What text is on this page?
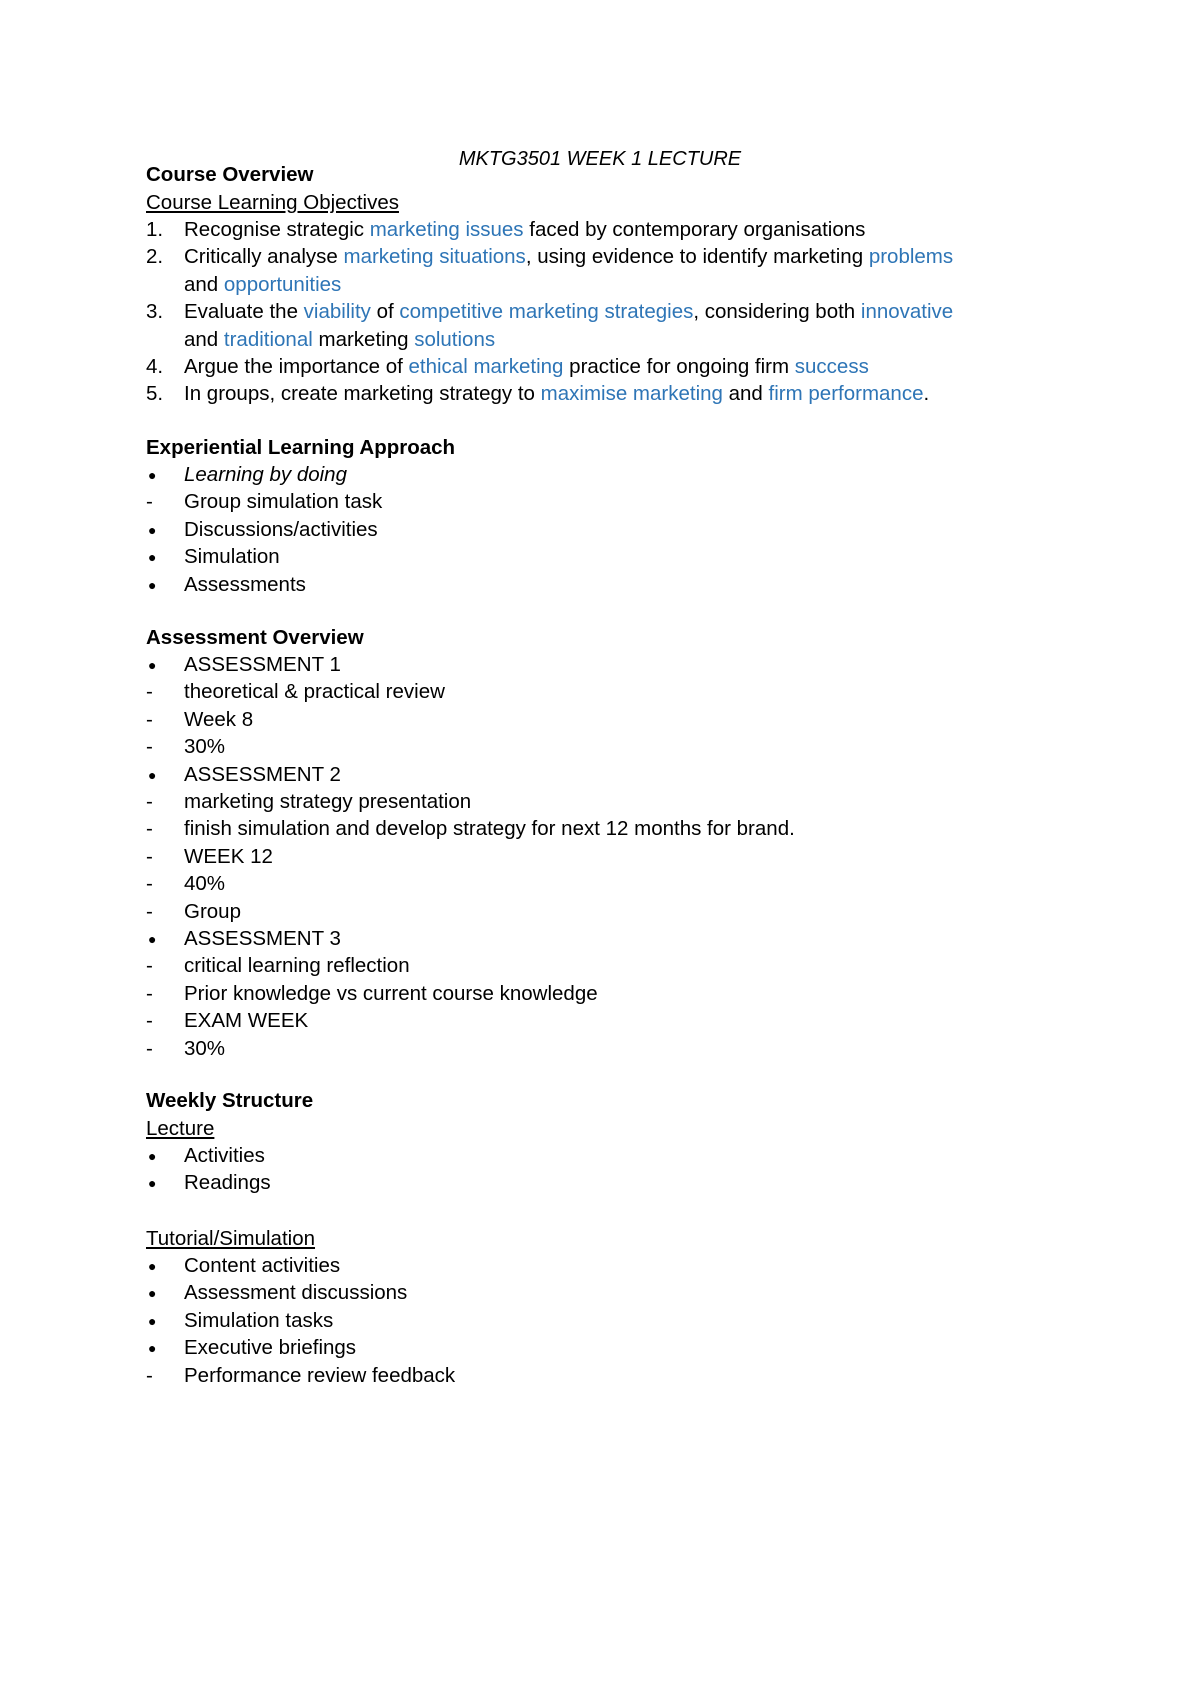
MKTG3501 WEEK 1 LECTURE
Course Overview
Course Learning Objectives
1.	Recognise strategic marketing issues faced by contemporary organisations
2.	Critically analyse marketing situations, using evidence to identify marketing problems
and opportunities
3.	Evaluate the viability of competitive marketing strategies, considering both innovative
and traditional marketing solutions
4.	Argue the importance of ethical marketing practice for ongoing firm success
5.	In groups, create marketing strategy to maximise marketing and firm performance.
Experiential Learning Approach
●	Learning by doing
-	Group simulation task
●	Discussions/activities
●	Simulation
●	Assessments
Assessment Overview
●	ASSESSMENT 1
-	theoretical & practical review
-	Week 8
-	30%
●	ASSESSMENT 2
-	marketing strategy presentation
-	finish simulation and develop strategy for next 12 months for brand.
-	WEEK 12
-	40%
-	Group
●	ASSESSMENT 3
-	critical learning reflection
-	Prior knowledge vs current course knowledge
-	EXAM WEEK
-	30%
Weekly Structure
Lecture
●	Activities
●	Readings
Tutorial/Simulation
●	Content activities
●	Assessment discussions
●	Simulation tasks
●	Executive briefings
-	Performance review feedback
